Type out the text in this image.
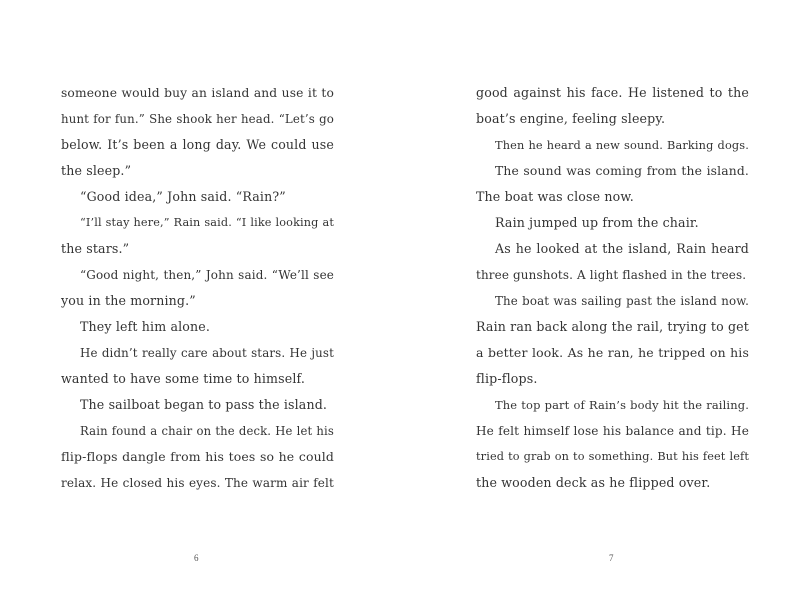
someone would buy an island and use it to
hunt for fun.” She shook her head. “Let’s go
below. It’s been a long day. We could use
the sleep.”
“Good idea,” John said. “Rain?”
“I’ll stay here,” Rain said. “I like looking at
the stars.”
“Good night, then,” John said. “We’ll see
you in the morning.”
They left him alone.
He didn’t really care about stars. He just
wanted to have some time to himself.
The sailboat began to pass the island.
Rain found a chair on the deck. He let his
flip-flops dangle from his toes so he could
relax. He closed his eyes. The warm air felt
good against his face. He listened to the
boat’s engine, feeling sleepy.
Then he heard a new sound. Barking dogs.
The sound was coming from the island.
The boat was close now.
Rain jumped up from the chair.
As he looked at the island, Rain heard
three gunshots. A light flashed in the trees.
The boat was sailing past the island now.
Rain ran back along the rail, trying to get
a better look. As he ran, he tripped on his
flip-flops.
The top part of Rain’s body hit the railing.
He felt himself lose his balance and tip. He
tried to grab on to something. But his feet left
the wooden deck as he flipped over.
6	7
